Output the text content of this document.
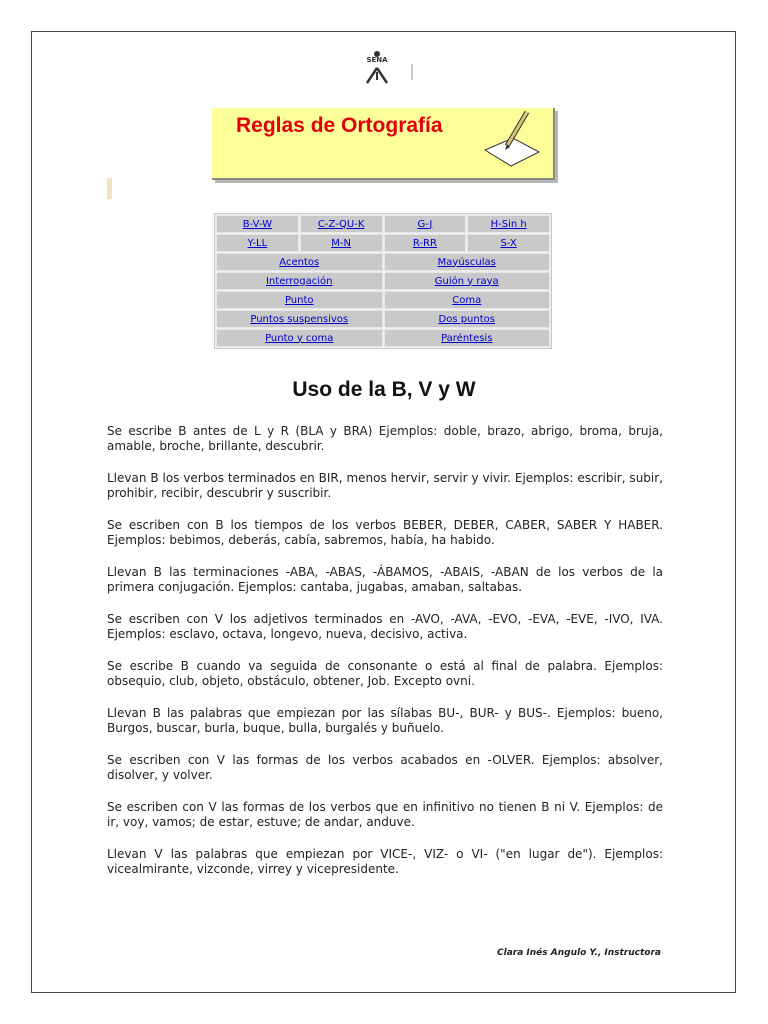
SENA
Reglas de Ortografía
B-V-W	C-Z-QU-K	G-J	H-Sin h
Y-LL	M-N	R-RR	S-X
Acentos	Mayúsculas
Interrogación	Guión y raya
Punto	Coma
Puntos suspensivos	Dos puntos
Punto y coma	Paréntesis
Uso de la B, V y W

Se escribe B antes de L y R (BLA y BRA) Ejemplos: doble, brazo, abrigo, broma, bruja, amable, broche, brillante, descubrir.

Llevan B los verbos terminados en BIR, menos hervir, servir y vivir. Ejemplos: escribir, subir, prohibir, recibir, descubrir y suscribir.

Se escriben con B los tiempos de los verbos BEBER, DEBER, CABER, SABER Y HABER. Ejemplos: bebimos, deberás, cabía, sabremos, había, ha habido.

Llevan B las terminaciones -ABA, -ABAS, -ÁBAMOS, -ABAIS, -ABAN de los verbos de la primera conjugación. Ejemplos: cantaba, jugabas, amaban, saltabas.

Se escriben con V los adjetivos terminados en -AVO, -AVA, -EVO, -EVA, -EVE, -IVO, IVA. Ejemplos: esclavo, octava, longevo, nueva, decisivo, activa.

Se escribe B cuando va seguida de consonante o está al final de palabra. Ejemplos: obsequio, club, objeto, obstáculo, obtener, Job. Excepto ovni.

Llevan B las palabras que empiezan por las sílabas BU-, BUR- y BUS-. Ejemplos: bueno, Burgos, buscar, burla, buque, bulla, burgalés y buñuelo.

Se escriben con V las formas de los verbos acabados en -OLVER. Ejemplos: absolver, disolver, y volver.

Se escriben con V las formas de los verbos que en infinitivo no tienen B ni V. Ejemplos: de ir, voy, vamos; de estar, estuve; de andar, anduve.

Llevan V las palabras que empiezan por VICE-, VIZ- o VI- ("en lugar de"). Ejemplos: vicealmirante, vizconde, virrey y vicepresidente.

Clara Inés Angulo Y., Instructora
